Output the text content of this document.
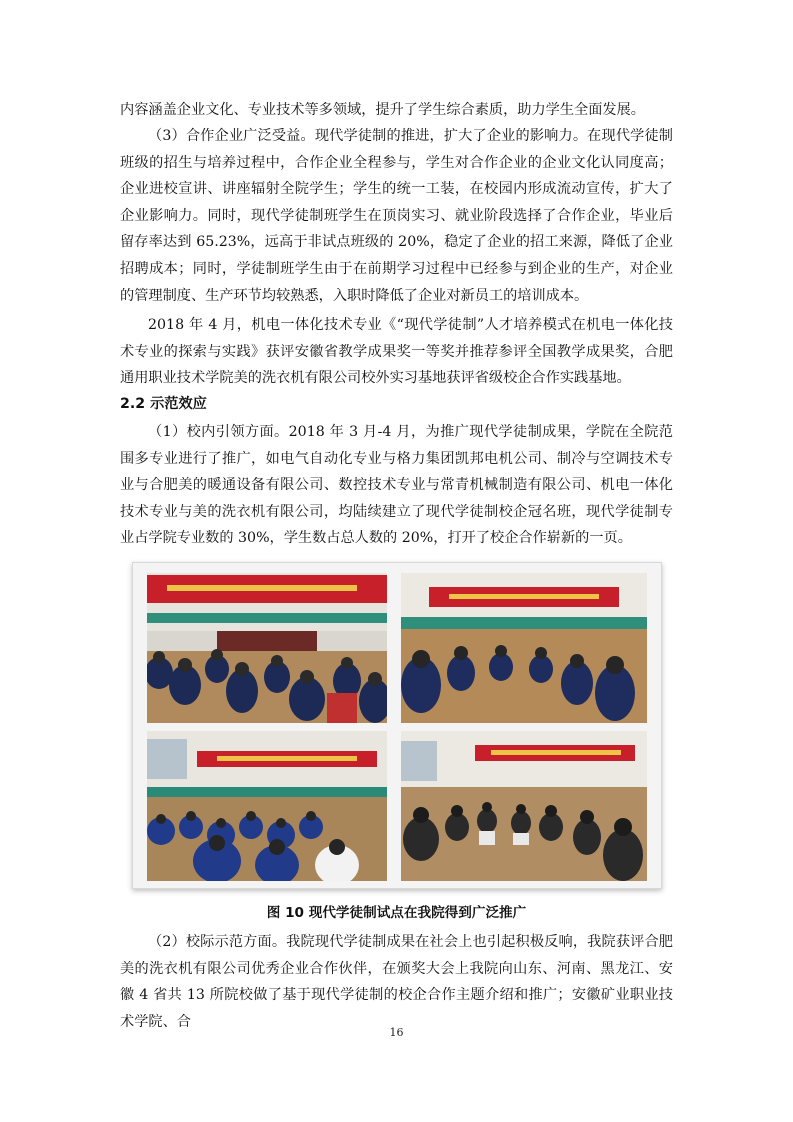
内容涵盖企业文化、专业技术等多领域，提升了学生综合素质，助力学生全面发展。

（3）合作企业广泛受益。现代学徒制的推进，扩大了企业的影响力。在现代学徒制班级的招生与培养过程中，合作企业全程参与，学生对合作企业的企业文化认同度高；企业进校宣讲、讲座辐射全院学生；学生的统一工装，在校园内形成流动宣传，扩大了企业影响力。同时，现代学徒制班学生在顶岗实习、就业阶段选择了合作企业，毕业后留存率达到 65.23%，远高于非试点班级的 20%，稳定了企业的招工来源，降低了企业招聘成本；同时，学徒制班学生由于在前期学习过程中已经参与到企业的生产，对企业的管理制度、生产环节均较熟悉，入职时降低了企业对新员工的培训成本。

2018 年 4 月，机电一体化技术专业《“现代学徒制”人才培养模式在机电一体化技术专业的探索与实践》获评安徽省教学成果奖一等奖并推荐参评全国教学成果奖，合肥通用职业技术学院美的洗衣机有限公司校外实习基地获评省级校企合作实践基地。

2.2 示范效应

（1）校内引领方面。2018 年 3 月-4 月，为推广现代学徒制成果，学院在全院范围多专业进行了推广，如电气自动化专业与格力集团凯邦电机公司、制冷与空调技术专业与合肥美的暖通设备有限公司、数控技术专业与常青机械制造有限公司、机电一体化技术专业与美的洗衣机有限公司，均陆续建立了现代学徒制校企冠名班，现代学徒制专业占学院专业数的 30%，学生数占总人数的 20%，打开了校企合作崭新的一页。

图 10 现代学徒制试点在我院得到广泛推广

（2）校际示范方面。我院现代学徒制成果在社会上也引起积极反响，我院获评合肥美的洗衣机有限公司优秀企业合作伙伴，在颁奖大会上我院向山东、河南、黑龙江、安徽 4 省共 13 所院校做了基于现代学徒制的校企合作主题介绍和推广；安徽矿业职业技术学院、合

16
